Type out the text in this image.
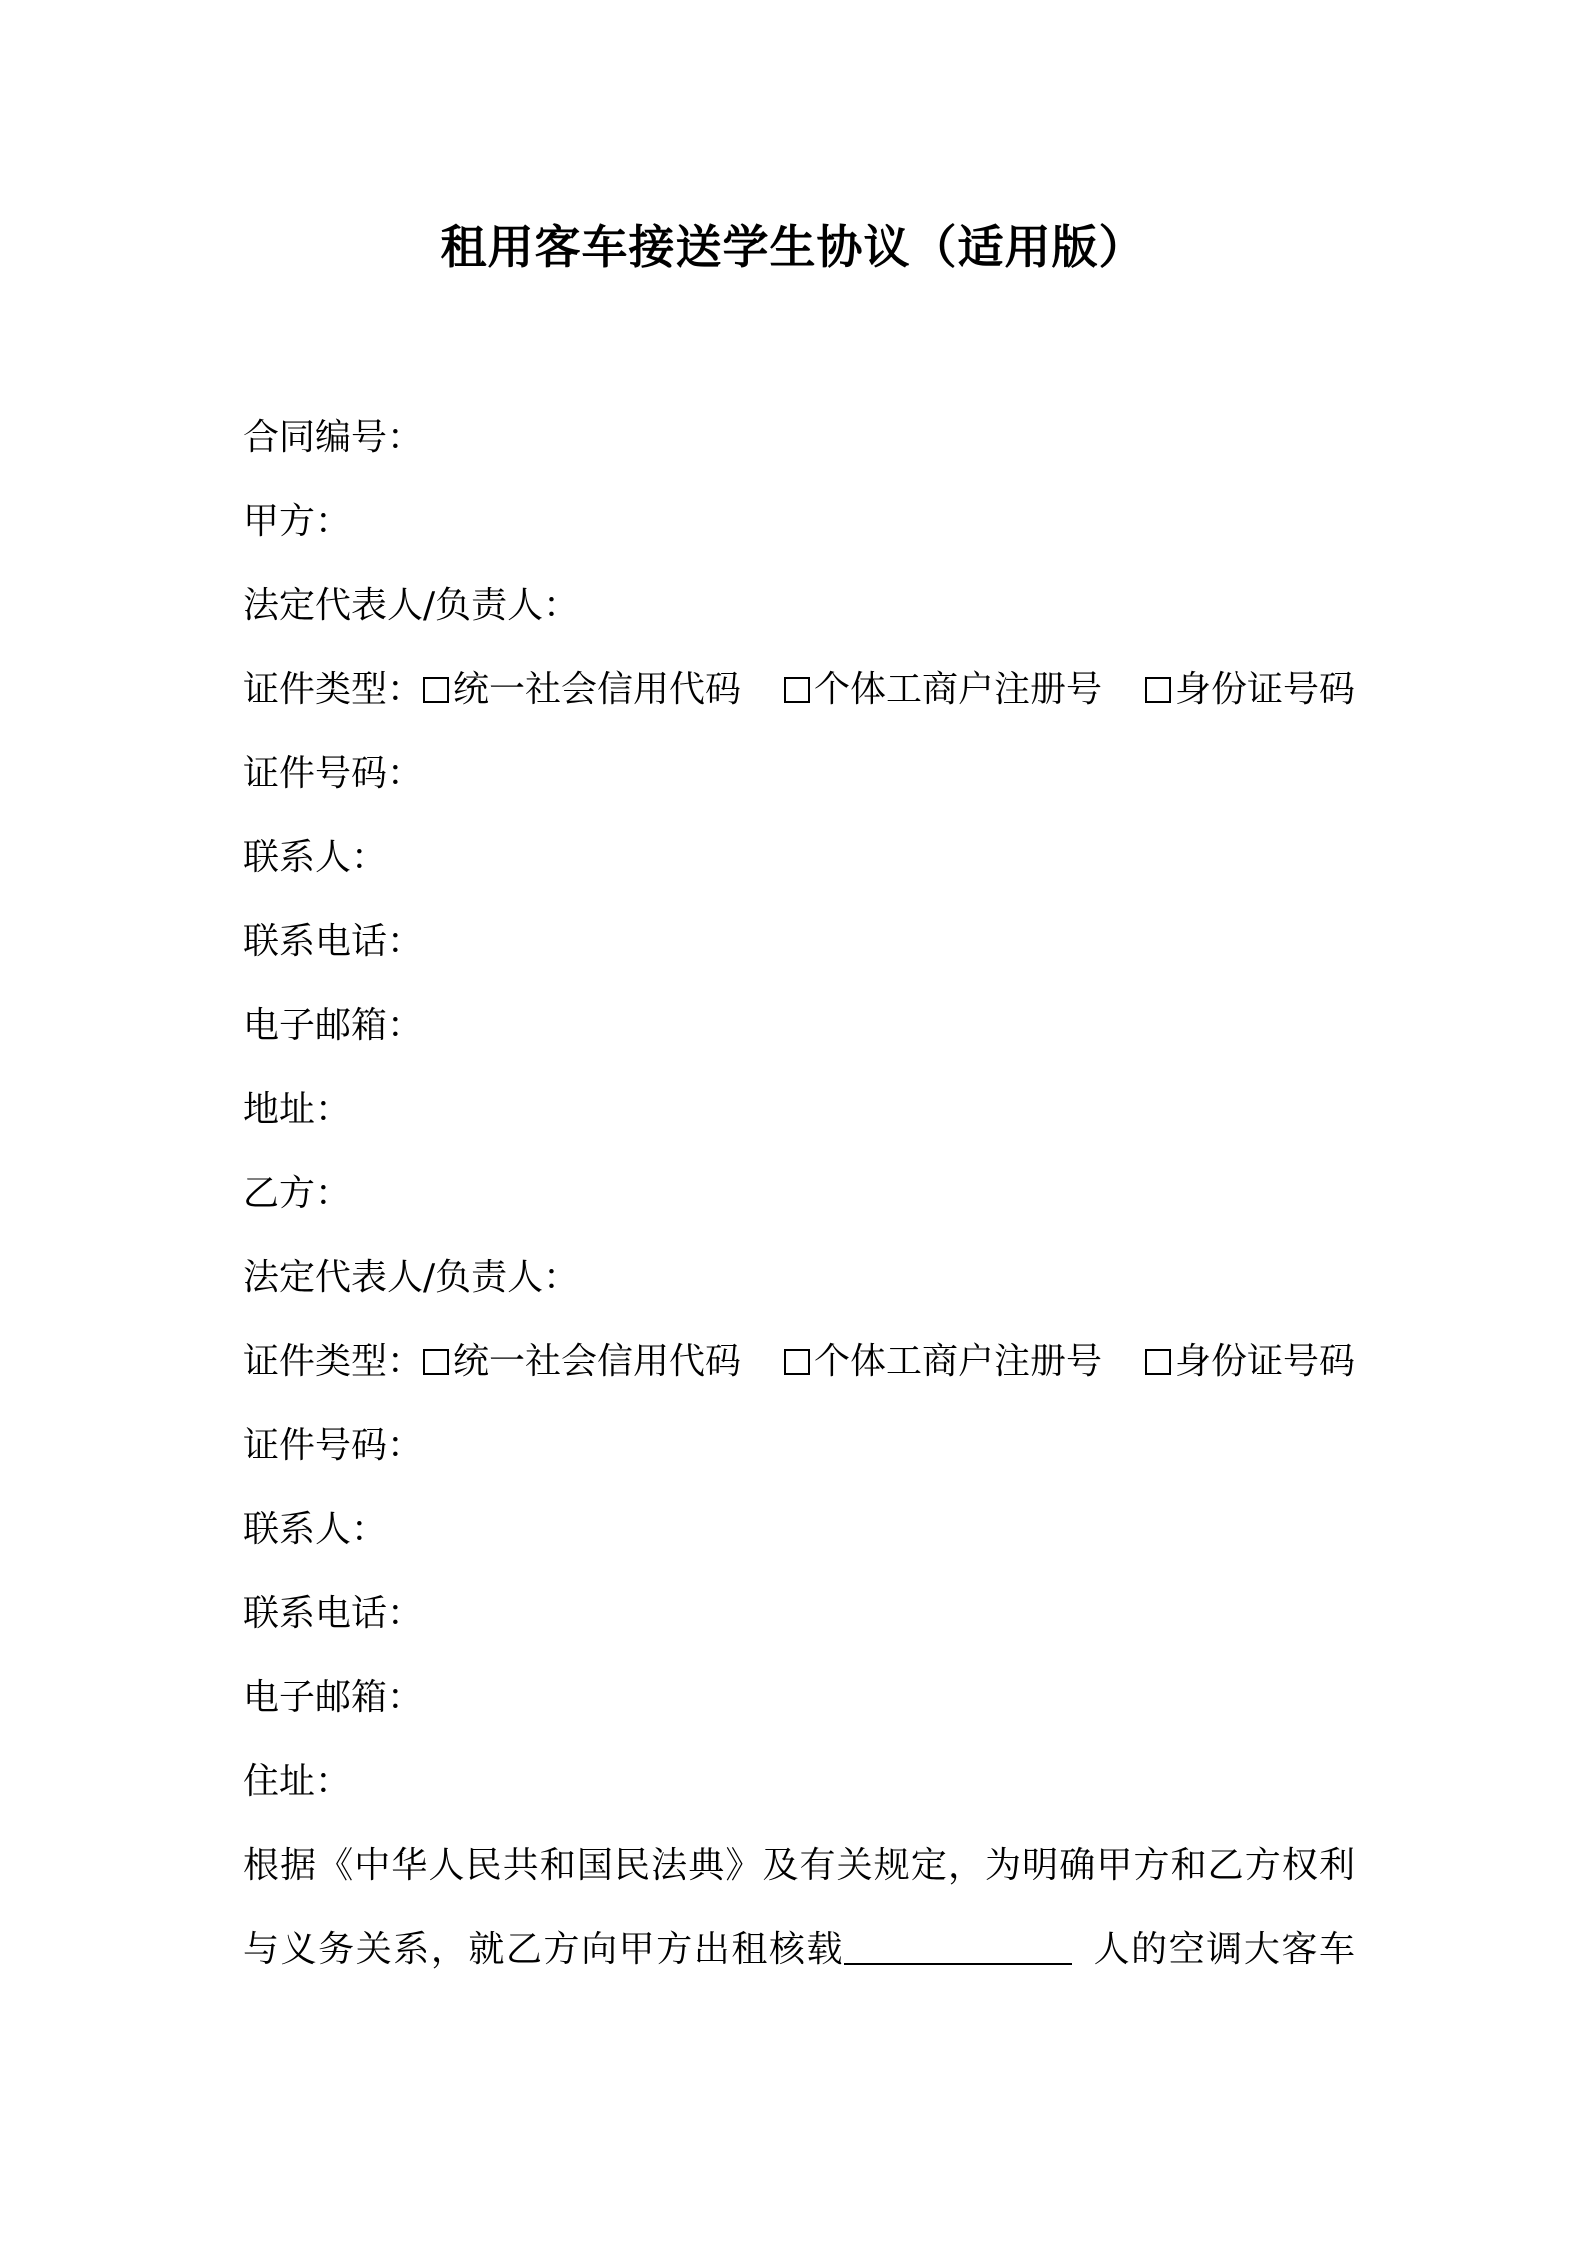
租用客车接送学生协议（适用版）
合同编号：
甲方：
法定代表人/负责人：
证件类型： 统一社会信用代码 个体工商户注册号 身份证号码
证件号码：
联系人：
联系电话：
电子邮箱：
地址：
乙方：
法定代表人/负责人：
证件类型： 统一社会信用代码 个体工商户注册号 身份证号码
证件号码：
联系人：
联系电话：
电子邮箱：
住址：
根据《中华人民共和国民法典》及有关规定，为明确甲方和乙方权利
与义务关系，就乙方向甲方出租核载	人的空调大客车
